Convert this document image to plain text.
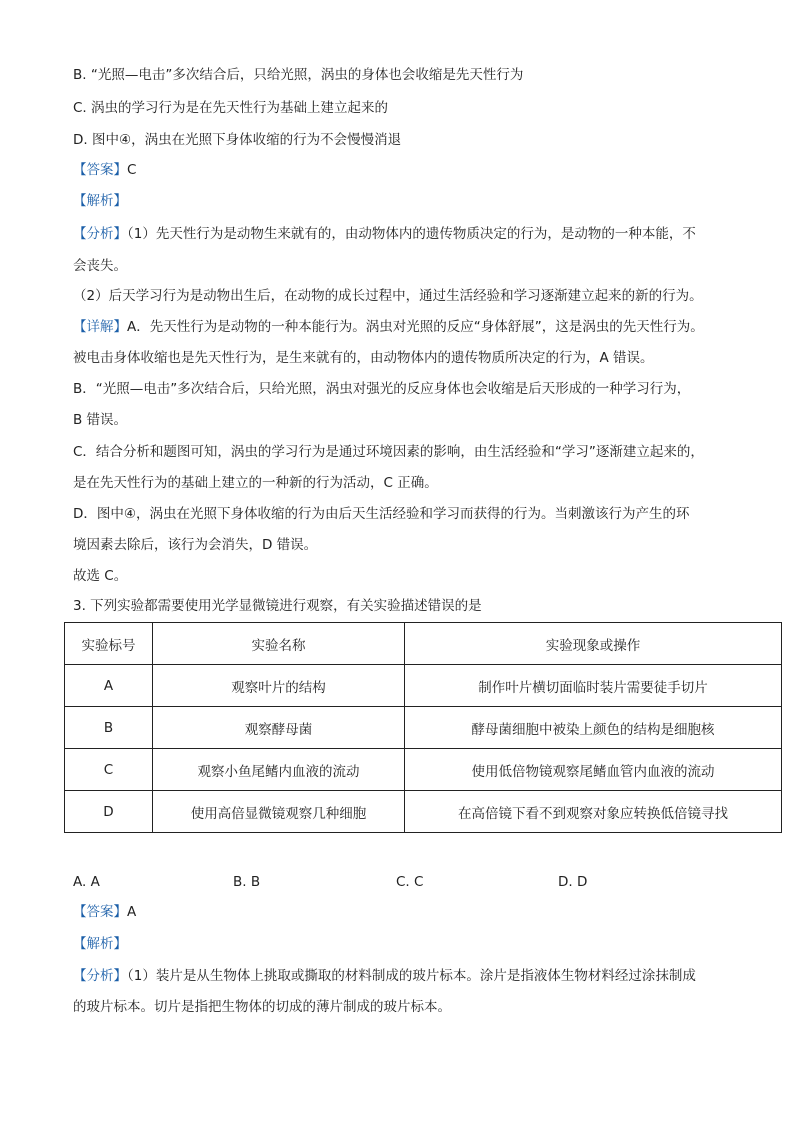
B. “光照—电击”多次结合后，只给光照，涡虫的身体也会收缩是先天性行为
C. 涡虫的学习行为是在先天性行为基础上建立起来的
D. 图中④，涡虫在光照下身体收缩的行为不会慢慢消退
【答案】C
【解析】
【分析】（1）先天性行为是动物生来就有的，由动物体内的遗传物质决定的行为，是动物的一种本能，不
会丧失。
（2）后天学习行为是动物出生后，在动物的成长过程中，通过生活经验和学习逐渐建立起来的新的行为。
【详解】A．先天性行为是动物的一种本能行为。涡虫对光照的反应“身体舒展”，这是涡虫的先天性行为。
被电击身体收缩也是先天性行为，是生来就有的，由动物体内的遗传物质所决定的行为，A 错误。
B．“光照—电击”多次结合后，只给光照，涡虫对强光的反应身体也会收缩是后天形成的一种学习行为，
B 错误。
C．结合分析和题图可知，涡虫的学习行为是通过环境因素的影响，由生活经验和“学习”逐渐建立起来的，
是在先天性行为的基础上建立的一种新的行为活动，C 正确。
D．图中④，涡虫在光照下身体收缩的行为由后天生活经验和学习而获得的行为。当刺激该行为产生的环
境因素去除后，该行为会消失，D 错误。
故选 C。
3. 下列实验都需要使用光学显微镜进行观察，有关实验描述错误的是
实验标号	实验名称	实验现象或操作
A	观察叶片的结构	制作叶片横切面临时装片需要徒手切片
B	观察酵母菌	酵母菌细胞中被染上颜色的结构是细胞核
C	观察小鱼尾鳍内血液的流动	使用低倍物镜观察尾鳍血管内血液的流动
D	使用高倍显微镜观察几种细胞	在高倍镜下看不到观察对象应转换低倍镜寻找
A. A	B. B	C. C	D. D
【答案】A
【解析】
【分析】（1）装片是从生物体上挑取或撕取的材料制成的玻片标本。涂片是指液体生物材料经过涂抹制成
的玻片标本。切片是指把生物体的切成的薄片制成的玻片标本。
